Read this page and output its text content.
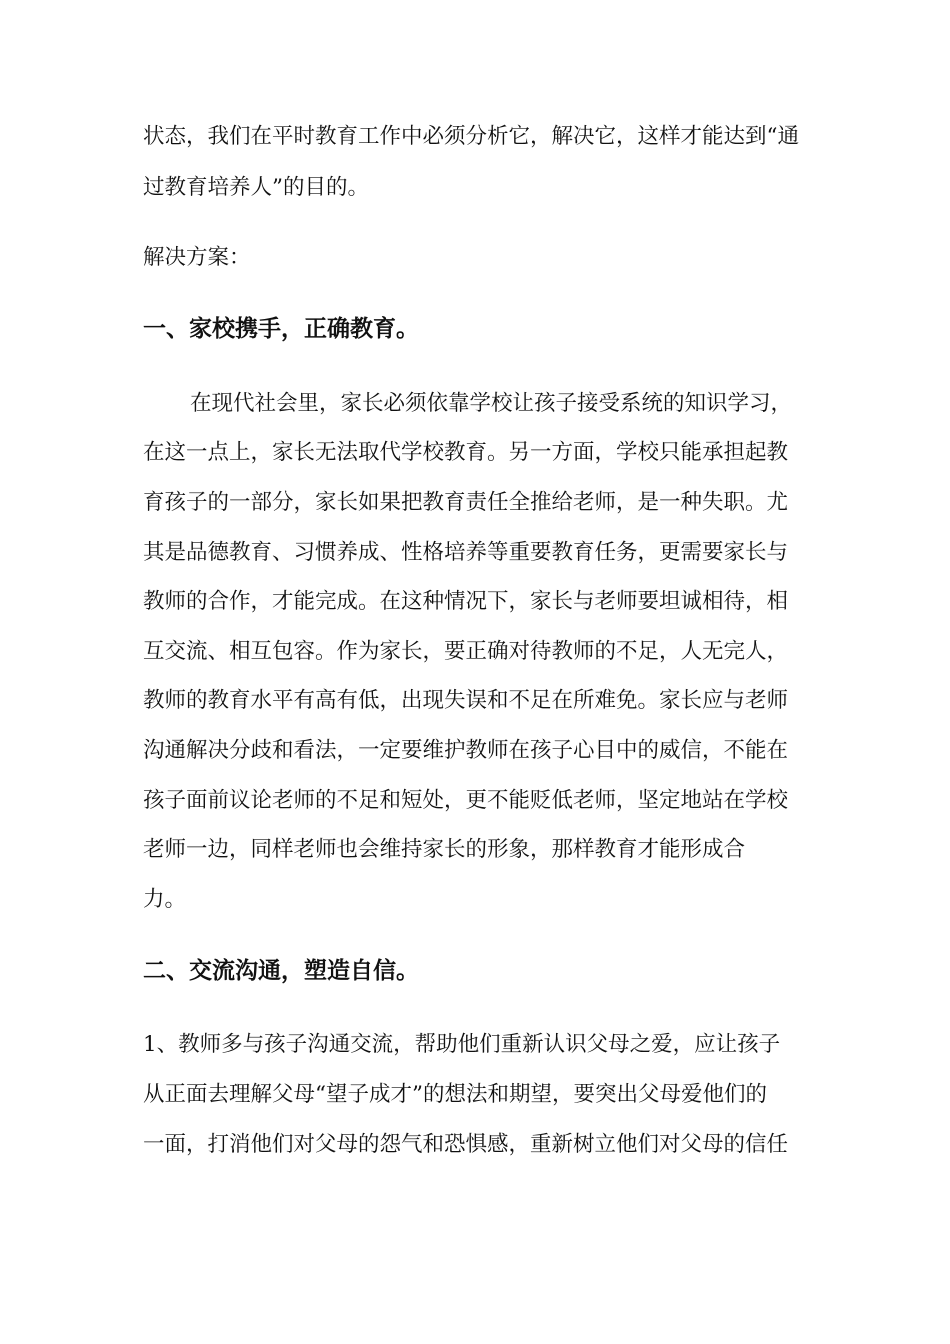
状态，我们在平时教育工作中必须分析它，解决它，这样才能达到“通
过教育培养人”的目的。
解决方案：
一、家校携手，正确教育。
在现代社会里，家长必须依靠学校让孩子接受系统的知识学习，
在这一点上，家长无法取代学校教育。另一方面，学校只能承担起教
育孩子的一部分，家长如果把教育责任全推给老师，是一种失职。尤
其是品德教育、习惯养成、性格培养等重要教育任务，更需要家长与
教师的合作，才能完成。在这种情况下，家长与老师要坦诚相待，相
互交流、相互包容。作为家长，要正确对待教师的不足，人无完人，
教师的教育水平有高有低，出现失误和不足在所难免。家长应与老师
沟通解决分歧和看法，一定要维护教师在孩子心目中的威信，不能在
孩子面前议论老师的不足和短处，更不能贬低老师，坚定地站在学校
老师一边，同样老师也会维持家长的形象，那样教育才能形成合
力。
二、交流沟通，塑造自信。
1、教师多与孩子沟通交流，帮助他们重新认识父母之爱，应让孩子
从正面去理解父母“望子成才”的想法和期望，要突出父母爱他们的
一面，打消他们对父母的怨气和恐惧感，重新树立他们对父母的信任
